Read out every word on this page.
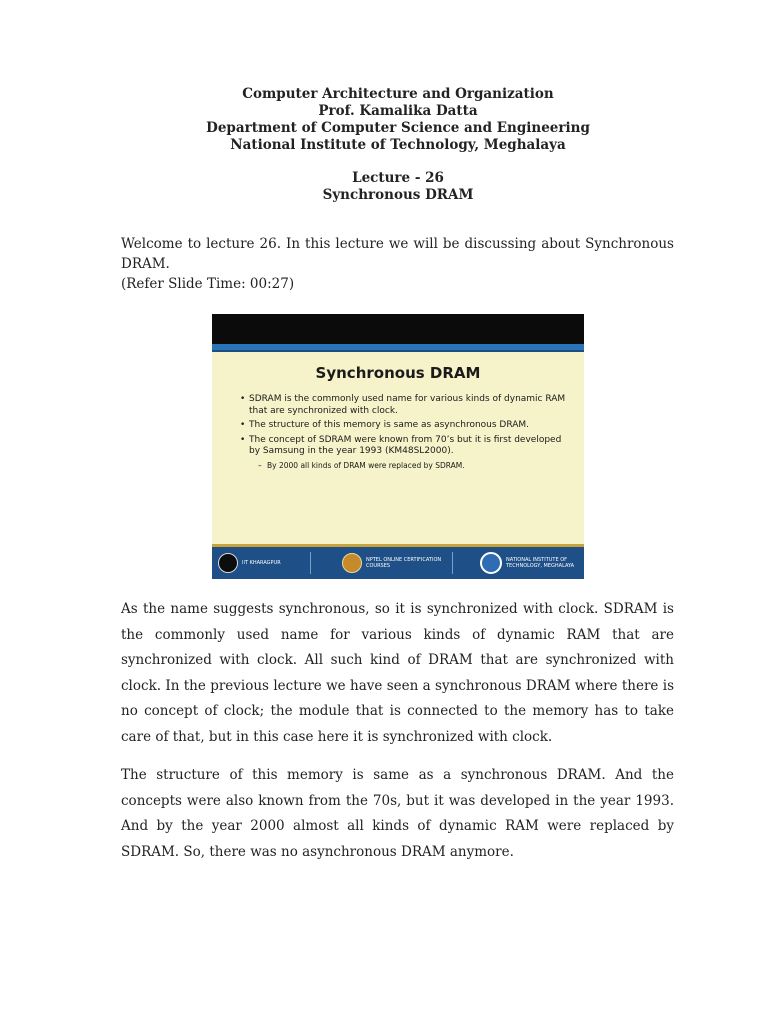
Computer Architecture and Organization
Prof. Kamalika Datta
Department of Computer Science and Engineering
National Institute of Technology, Meghalaya
Lecture - 26
Synchronous DRAM

Welcome to lecture 26. In this lecture we will be discussing about Synchronous DRAM.

(Refer Slide Time: 00:27)

Synchronous DRAM
• SDRAM is the commonly used name for various kinds of dynamic RAM that are synchronized with clock.
• The structure of this memory is same as asynchronous DRAM.
• The concept of SDRAM were known from 70’s but it is first developed by Samsung in the year 1993 (KM48SL2000).
– By 2000 all kinds of DRAM were replaced by SDRAM.
IIT KHARAGPUR	NPTEL ONLINE CERTIFICATION COURSES
NATIONAL INSTITUTE OF TECHNOLOGY, MEGHALAYA

As the name suggests synchronous, so it is synchronized with clock. SDRAM is the commonly used name for various kinds of dynamic RAM that are synchronized with clock. All such kind of DRAM that are synchronized with clock. In the previous lecture we have seen a synchronous DRAM where there is no concept of clock; the module that is connected to the memory has to take care of that, but in this case here it is synchronized with clock.

The structure of this memory is same as a synchronous DRAM. And the concepts were also known from the 70s, but it was developed in the year 1993. And by the year 2000 almost all kinds of dynamic RAM were replaced by SDRAM. So, there was no asynchronous DRAM anymore.
